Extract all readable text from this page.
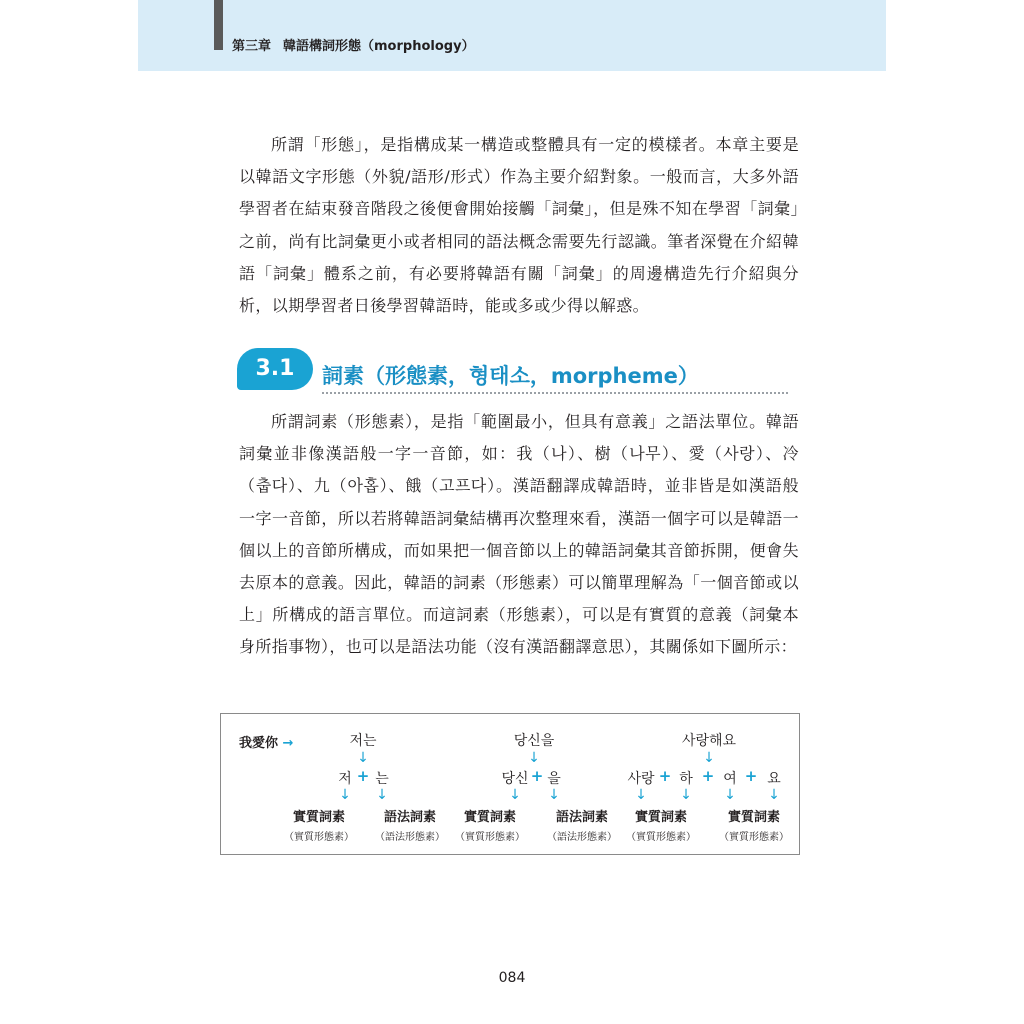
第三章 韓語構詞形態（morphology）

所謂「形態」，是指構成某一構造或整體具有一定的模樣者。本章主要是以韓語文字形態（外貌/語形/形式）作為主要介紹對象。一般而言，大多外語學習者在結束發音階段之後便會開始接觸「詞彙」，但是殊不知在學習「詞彙」之前，尚有比詞彙更小或者相同的語法概念需要先行認識。筆者深覺在介紹韓語「詞彙」體系之前，有必要將韓語有關「詞彙」的周邊構造先行介紹與分析，以期學習者日後學習韓語時，能或多或少得以解惑。

3.1	詞素（形態素，형태소，morpheme）

所謂詞素（形態素），是指「範圍最小，但具有意義」之語法單位。韓語詞彙並非像漢語般一字一音節，如：我（나）、樹（나무）、愛（사랑）、冷（춥다）、九（아홉）、餓（고프다）。漢語翻譯成韓語時，並非皆是如漢語般一字一音節，所以若將韓語詞彙結構再次整理來看，漢語一個字可以是韓語一個以上的音節所構成，而如果把一個音節以上的韓語詞彙其音節拆開，便會失去原本的意義。因此，韓語的詞素（形態素）可以簡單理解為「一個音節或以上」所構成的語言單位。而這詞素（形態素），可以是有實質的意義（詞彙本身所指事物），也可以是語法功能（沒有漢語翻譯意思），其關係如下圖所示：

我愛你 →	저는	당신을	사랑해요
↓	↓	↓
저 + 는	당신 + 을	사랑 + 하 + 여 + 요
↓ ↓	↓ ↓	↓ ↓ ↓ ↓
實質詞素	語法詞素 實質詞素	語法詞素 實質詞素	實質詞素
（實質形態素） （語法形態素） （實質形態素） （語法形態素） （實質形態素） （實質形態素）
084
